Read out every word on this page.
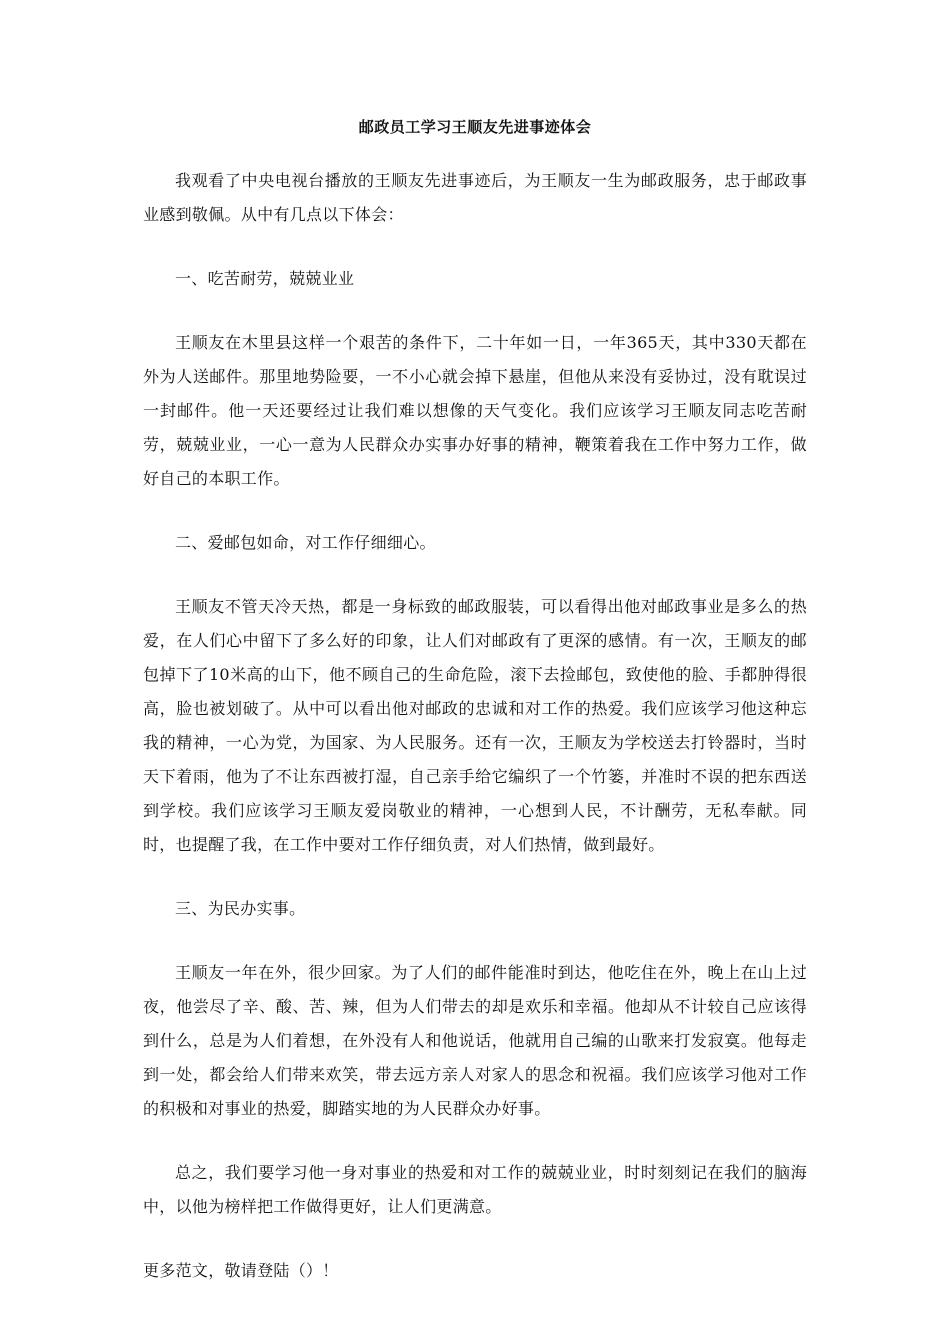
邮政员工学习王顺友先进事迹体会

我观看了中央电视台播放的王顺友先进事迹后，为王顺友一生为邮政服务，忠于邮政事业感到敬佩。从中有几点以下体会：

一、吃苦耐劳，兢兢业业

王顺友在木里县这样一个艰苦的条件下，二十年如一日，一年365天，其中330天都在外为人送邮件。那里地势险要，一不小心就会掉下悬崖，但他从来没有妥协过，没有耽误过一封邮件。他一天还要经过让我们难以想像的天气变化。我们应该学习王顺友同志吃苦耐劳，兢兢业业，一心一意为人民群众办实事办好事的精神，鞭策着我在工作中努力工作，做好自己的本职工作。

二、爱邮包如命，对工作仔细细心。

王顺友不管天冷天热，都是一身标致的邮政服装，可以看得出他对邮政事业是多么的热爱，在人们心中留下了多么好的印象，让人们对邮政有了更深的感情。有一次，王顺友的邮包掉下了10米高的山下，他不顾自己的生命危险，滚下去捡邮包，致使他的脸、手都肿得很高，脸也被划破了。从中可以看出他对邮政的忠诚和对工作的热爱。我们应该学习他这种忘我的精神，一心为党，为国家、为人民服务。还有一次，王顺友为学校送去打铃器时，当时天下着雨，他为了不让东西被打湿，自己亲手给它编织了一个竹篓，并准时不误的把东西送到学校。我们应该学习王顺友爱岗敬业的精神，一心想到人民，不计酬劳，无私奉献。同时，也提醒了我，在工作中要对工作仔细负责，对人们热情，做到最好。

三、为民办实事。

王顺友一年在外，很少回家。为了人们的邮件能准时到达，他吃住在外，晚上在山上过夜，他尝尽了辛、酸、苦、辣，但为人们带去的却是欢乐和幸福。他却从不计较自己应该得到什么，总是为人们着想，在外没有人和他说话，他就用自己编的山歌来打发寂寞。他每走到一处，都会给人们带来欢笑，带去远方亲人对家人的思念和祝福。我们应该学习他对工作的积极和对事业的热爱，脚踏实地的为人民群众办好事。

总之，我们要学习他一身对事业的热爱和对工作的兢兢业业，时时刻刻记在我们的脑海中，以他为榜样把工作做得更好，让人们更满意。

更多范文，敬请登陆（）！
